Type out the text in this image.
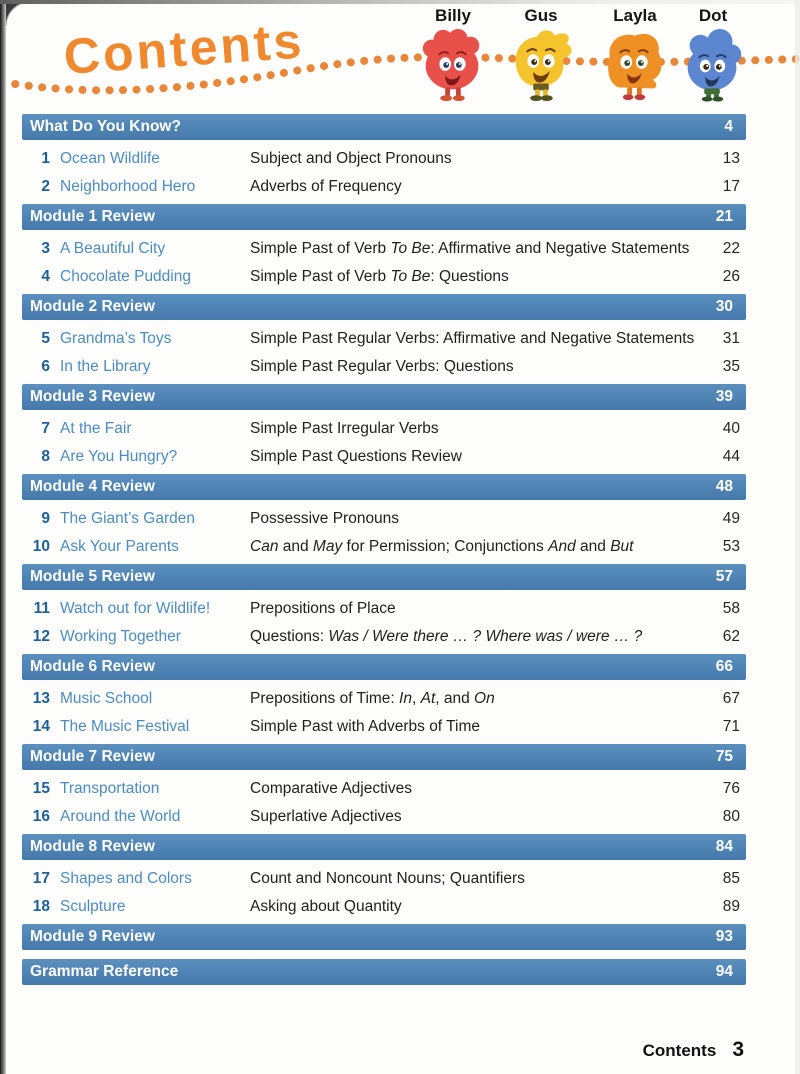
Contents	Billy	Gus	Layla	Dot
What Do You Know?	4
1 Ocean Wildlife	Subject and Object Pronouns	13
2 Neighborhood Hero	Adverbs of Frequency	17
Module 1 Review	21
3 A Beautiful City	Simple Past of Verb To Be: Affirmative and Negative Statements	22
4 Chocolate Pudding	Simple Past of Verb To Be: Questions	26
Module 2 Review	30
5 Grandma’s Toys	Simple Past Regular Verbs: Affirmative and Negative Statements	31
6 In the Library	Simple Past Regular Verbs: Questions	35
Module 3 Review	39
7 At the Fair	Simple Past Irregular Verbs	40
8 Are You Hungry?	Simple Past Questions Review	44
Module 4 Review	48
9 The Giant’s Garden	Possessive Pronouns	49
10 Ask Your Parents	Can and May for Permission; Conjunctions And and But	53
Module 5 Review	57
11 Watch out for Wildlife!	Prepositions of Place	58
12 Working Together	Questions: Was / Were there … ? Where was / were … ?	62
Module 6 Review	66
13 Music School	Prepositions of Time: In, At, and On	67
14 The Music Festival	Simple Past with Adverbs of Time	71
Module 7 Review	75
15 Transportation	Comparative Adjectives	76
16 Around the World	Superlative Adjectives	80
Module 8 Review	84
17 Shapes and Colors	Count and Noncount Nouns; Quantifiers	85
18 Sculpture	Asking about Quantity	89
Module 9 Review	93
Grammar Reference	94
Contents 3
